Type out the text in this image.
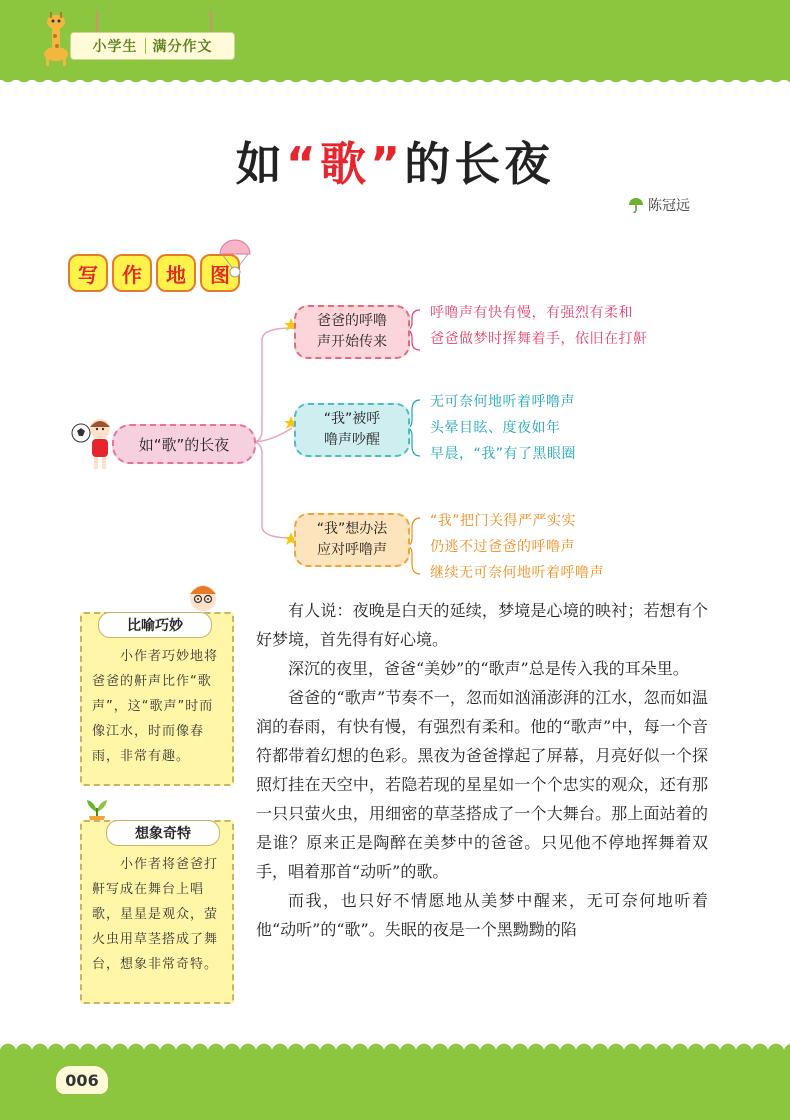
小学生 满分作文
如“歌”的长夜
陈冠远
写	作	地	图
如“歌”的长夜
爸爸的呼噜
声开始传来
呼噜声有快有慢，有强烈有柔和
爸爸做梦时挥舞着手，依旧在打鼾
“我”被呼
噜声吵醒
无可奈何地听着呼噜声
头晕目眩、度夜如年
早晨，“我”有了黑眼圈
“我”想办法
应对呼噜声
“我”把门关得严严实实
仍逃不过爸爸的呼噜声
继续无可奈何地听着呼噜声
比喻巧妙
小作者巧妙地将爸爸的鼾声比作“歌声”，这“歌声”时而像江水，时而像春雨，非常有趣。
想象奇特
小作者将爸爸打鼾写成在舞台上唱歌，星星是观众，萤火虫用草茎搭成了舞台，想象非常奇特。

有人说：夜晚是白天的延续，梦境是心境的映衬；若想有个好梦境，首先得有好心境。

深沉的夜里，爸爸“美妙”的“歌声”总是传入我的耳朵里。

爸爸的“歌声”节奏不一，忽而如汹涌澎湃的江水，忽而如温润的春雨，有快有慢，有强烈有柔和。他的“歌声”中，每一个音符都带着幻想的色彩。黑夜为爸爸撑起了屏幕，月亮好似一个探照灯挂在天空中，若隐若现的星星如一个个忠实的观众，还有那一只只萤火虫，用细密的草茎搭成了一个大舞台。那上面站着的是谁？原来正是陶醉在美梦中的爸爸。只见他不停地挥舞着双手，唱着那首“动听”的歌。

而我，也只好不情愿地从美梦中醒来，无可奈何地听着他“动听”的“歌”。失眠的夜是一个黑黝黝的陷

006
